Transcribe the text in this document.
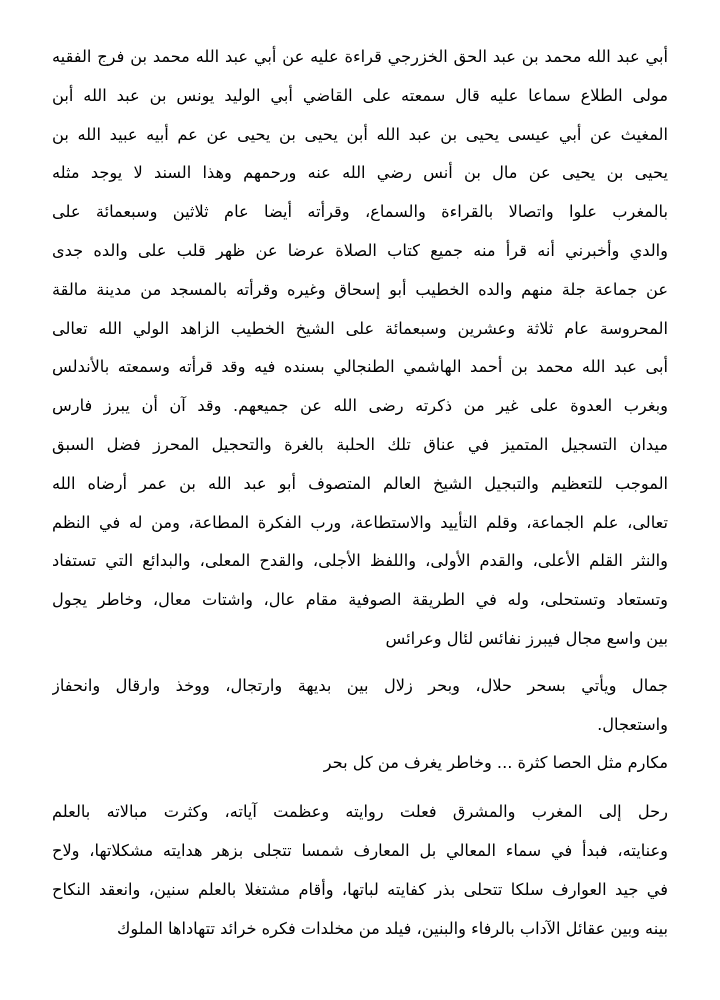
أبي عبد الله محمد بن عبد الحق الخزرجي قراءة عليه عن أبي عبد الله محمد بن فرج الفقيه
مولى الطلاع سماعا عليه قال سمعته على القاضي أبي الوليد يونس بن عبد الله أبن
المغيث عن أبي عيسى يحيى بن عبد الله أبن يحيى بن يحيى عن عم أبيه عبيد الله بن
يحيى بن يحيى عن مال بن أنس رضي الله عنه ورحمهم وهذا السند لا يوجد مثله
بالمغرب علوا واتصالا بالقراءة والسماع، وقرأته أيضا عام ثلاثين وسبعمائة على
والدي وأخبرني أنه قرأ منه جميع كتاب الصلاة عرضا عن ظهر قلب على والده جدى
عن جماعة جلة منهم والده الخطيب أبو إسحاق وغيره وقرأته بالمسجد من مدينة مالقة
المحروسة عام ثلاثة وعشرين وسبعمائة على الشيخ الخطيب الزاهد الولي الله تعالى
أبى عبد الله محمد بن أحمد الهاشمي الطنجالي بسنده فيه وقد قرأته وسمعته بالأندلس
وبغرب العدوة على غير من ذكرته رضى الله عن جميعهم. وقد آن أن يبرز فارس
ميدان التسجيل المتميز في عناق تلك الحلبة بالغرة والتحجيل المحرز فضل السبق
الموجب للتعظيم والتبجيل الشيخ العالم المتصوف أبو عبد الله بن عمر أرضاه الله
تعالى، علم الجماعة، وقلم التأييد والاستطاعة، ورب الفكرة المطاعة، ومن له في النظم
والنثر القلم الأعلى، والقدم الأولى، واللفظ الأجلى، والقدح المعلى، والبدائع التي تستفاد
وتستعاد وتستحلى، وله في الطريقة الصوفية مقام عال، واشتات معال، وخاطر يجول
بين واسع مجال فيبرز نفائس لئال وعرائس
جمال ويأتي بسحر حلال، وبحر زلال بين بديهة وارتجال، ووخذ وارقال وانحفاز
واستعجال.
مكارم مثل الحصا كثرة ... وخاطر يغرف من كل بحر
رحل إلى المغرب والمشرق فعلت روايته وعظمت آياته، وكثرت مبالاته بالعلم
وعنايته، فبدأ في سماء المعالي بل المعارف شمسا تتجلى بزهر هدايته مشكلاتها، ولاح
في جيد العوارف سلكا تتحلى بذر كفايته لباتها، وأقام مشتغلا بالعلم سنين، وانعقد النكاح
بينه وبين عقائل الآداب بالرفاء والبنين، فيلد من مخلدات فكره خرائد تتهاداها الملوك
